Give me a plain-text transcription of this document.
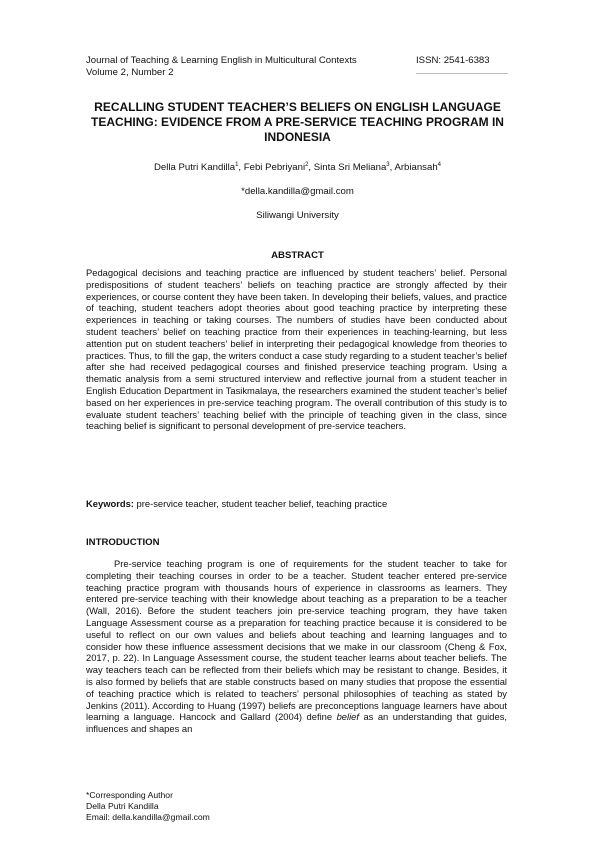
Journal of Teaching & Learning English in Multicultural Contexts
Volume 2, Number 2
ISSN: 2541-6383
RECALLING STUDENT TEACHER’S BELIEFS ON ENGLISH LANGUAGE TEACHING: EVIDENCE FROM A PRE-SERVICE TEACHING PROGRAM IN INDONESIA
Della Putri Kandilla$^1$, Febi Pebriyani$^2$, Sinta Sri Meliana$^3$, Arbiansah$^4$
*della.kandilla@gmail.com
Siliwangi University
ABSTRACT
Pedagogical decisions and teaching practice are influenced by student teachers’ belief. Personal predispositions of student teachers’ beliefs on teaching practice are strongly affected by their experiences, or course content they have been taken. In developing their beliefs, values, and practice of teaching, student teachers adopt theories about good teaching practice by interpreting these experiences in teaching or taking courses. The numbers of studies have been conducted about student teachers’ belief on teaching practice from their experiences in teaching-learning, but less attention put on student teachers’ belief in interpreting their pedagogical knowledge from theories to practices. Thus, to fill the gap, the writers conduct a case study regarding to a student teacher’s belief after she had received pedagogical courses and finished preservice teaching program. Using a thematic analysis from a semi structured interview and reflective journal from a student teacher in English Education Department in Tasikmalaya, the researchers examined the student teacher’s belief based on her experiences in pre-service teaching program. The overall contribution of this study is to evaluate student teachers’ teaching belief with the principle of teaching given in the class, since teaching belief is significant to personal development of pre-service teachers.
Keywords: pre-service teacher, student teacher belief, teaching practice
INTRODUCTION
Pre-service teaching program is one of requirements for the student teacher to take for completing their teaching courses in order to be a teacher. Student teacher entered pre-service teaching practice program with thousands hours of experience in classrooms as learners. They entered pre-service teaching with their knowledge about teaching as a preparation to be a teacher (Wall, 2016). Before the student teachers join pre-service teaching program, they have taken Language Assessment course as a preparation for teaching practice because it is considered to be useful to reflect on our own values and beliefs about teaching and learning languages and to consider how these influence assessment decisions that we make in our classroom (Cheng & Fox, 2017, p. 22). In Language Assessment course, the student teacher learns about teacher beliefs. The way teachers teach can be reflected from their beliefs which may be resistant to change. Besides, it is also formed by beliefs that are stable constructs based on many studies that propose the essential of teaching practice which is related to teachers’ personal philosophies of teaching as stated by Jenkins (2011). According to Huang (1997) beliefs are preconceptions language learners have about learning a language. Hancock and Gallard (2004) define belief as an understanding that guides, influences and shapes an
*Corresponding Author
Della Putri Kandilla
Email: della.kandilla@gmail.com
